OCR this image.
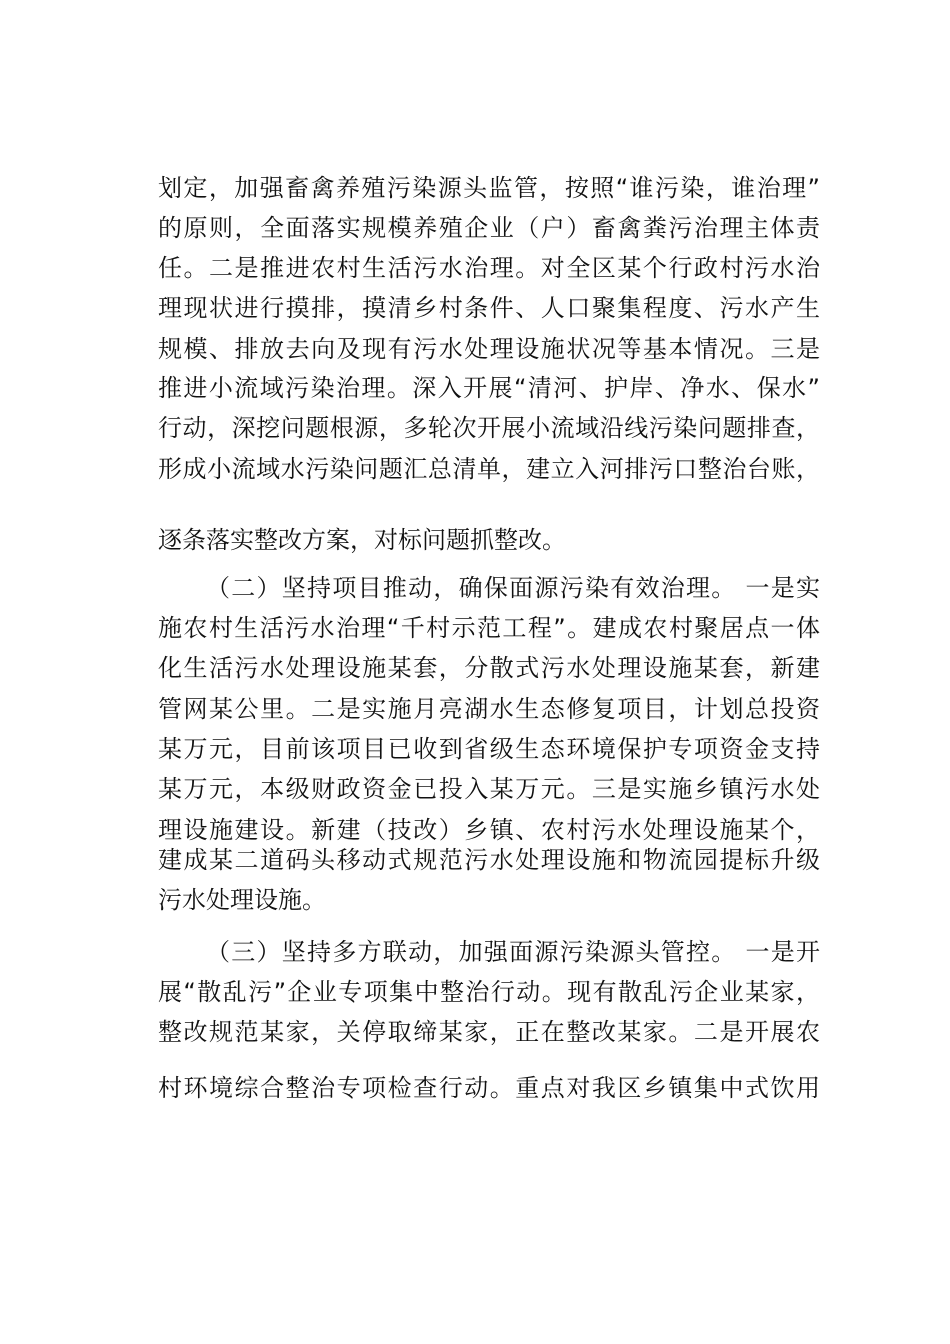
划定，加强畜禽养殖污染源头监管，按照“谁污染，谁治理”
的原则，全面落实规模养殖企业（户）畜禽粪污治理主体责
任。二是推进农村生活污水治理。对全区某个行政村污水治
理现状进行摸排，摸清乡村条件、人口聚集程度、污水产生
规模、排放去向及现有污水处理设施状况等基本情况。三是
推进小流域污染治理。深入开展“清河、护岸、净水、保水”
行动，深挖问题根源，多轮次开展小流域沿线污染问题排查，
形成小流域水污染问题汇总清单，建立入河排污口整治台账，
逐条落实整改方案，对标问题抓整改。
（二）坚持项目推动，确保面源污染有效治理。 一是实
施农村生活污水治理“千村示范工程”。建成农村聚居点一体
化生活污水处理设施某套，分散式污水处理设施某套，新建
管网某公里。二是实施月亮湖水生态修复项目，计划总投资
某万元，目前该项目已收到省级生态环境保护专项资金支持
某万元，本级财政资金已投入某万元。三是实施乡镇污水处
理设施建设。新建（技改）乡镇、农村污水处理设施某个，
建成某二道码头移动式规范污水处理设施和物流园提标升级
污水处理设施。
（三）坚持多方联动，加强面源污染源头管控。 一是开
展“散乱污”企业专项集中整治行动。现有散乱污企业某家，
整改规范某家，关停取缔某家，正在整改某家。二是开展农
村环境综合整治专项检查行动。重点对我区乡镇集中式饮用
